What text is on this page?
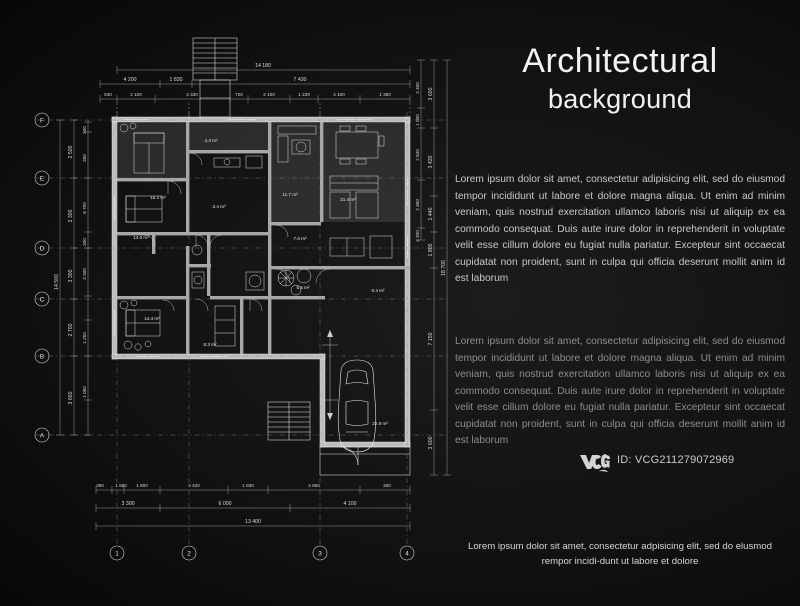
F
E
D
C
B
A
1	2	3	4
14 180
4 200	1 830	7 430
930	2 100	4 330	720	2 100	1 239	2 100	1 380
14 500
2 500
3 300
3 300
2 700
3 660
300
300
6 700
300
3 300
1 250
1 060
2 400
1 000
2 640
2 460
2 400
3 600
3 420
1 440
1 800
7 150
3 600
18 700
390 1 690 1 800	4 420	1 830	4 660	300
3 300	6 000	4 100
13 400
4.4 m²
15.1 m²
3.4 m²
11.7 m²
21.4 m²
14.0 m²	7.6 m²
5.5 m²
0.4 m²
14.4 m²
8.3 m²
22.9 m²
Architectural
background

Lorem ipsum dolor sit amet, consectetur adipisicing elit, sed do eiusmod tempor incididunt ut labore et dolore magna aliqua. Ut enim ad minim veniam, quis nostrud exercitation ullamco laboris nisi ut aliquip ex ea commodo consequat. Duis aute irure dolor in reprehenderit in voluptate velit esse cillum dolore eu fugiat nulla pariatur. Excepteur sint occaecat cupidatat non proident, sunt in culpa qui officia deserunt mollit anim id est laborum

Lorem ipsum dolor sit amet, consectetur adipisicing elit, sed do eiusmod tempor incididunt ut labore et dolore magna aliqua. Ut enim ad minim veniam, quis nostrud exercitation ullamco laboris nisi ut aliquip ex ea commodo consequat. Duis aute irure dolor in reprehenderit in voluptate velit esse cillum dolore eu fugiat nulla pariatur. Excepteur sint occaecat cupidatat non proident, sunt in culpa qui officia deserunt mollit anim id est laborum

Lorem ipsum dolor sit amet, consectetur adpisicing elit, sed do elusmod rempor incidi-dunt ut labore et dolore
ID: VCG211279072969
